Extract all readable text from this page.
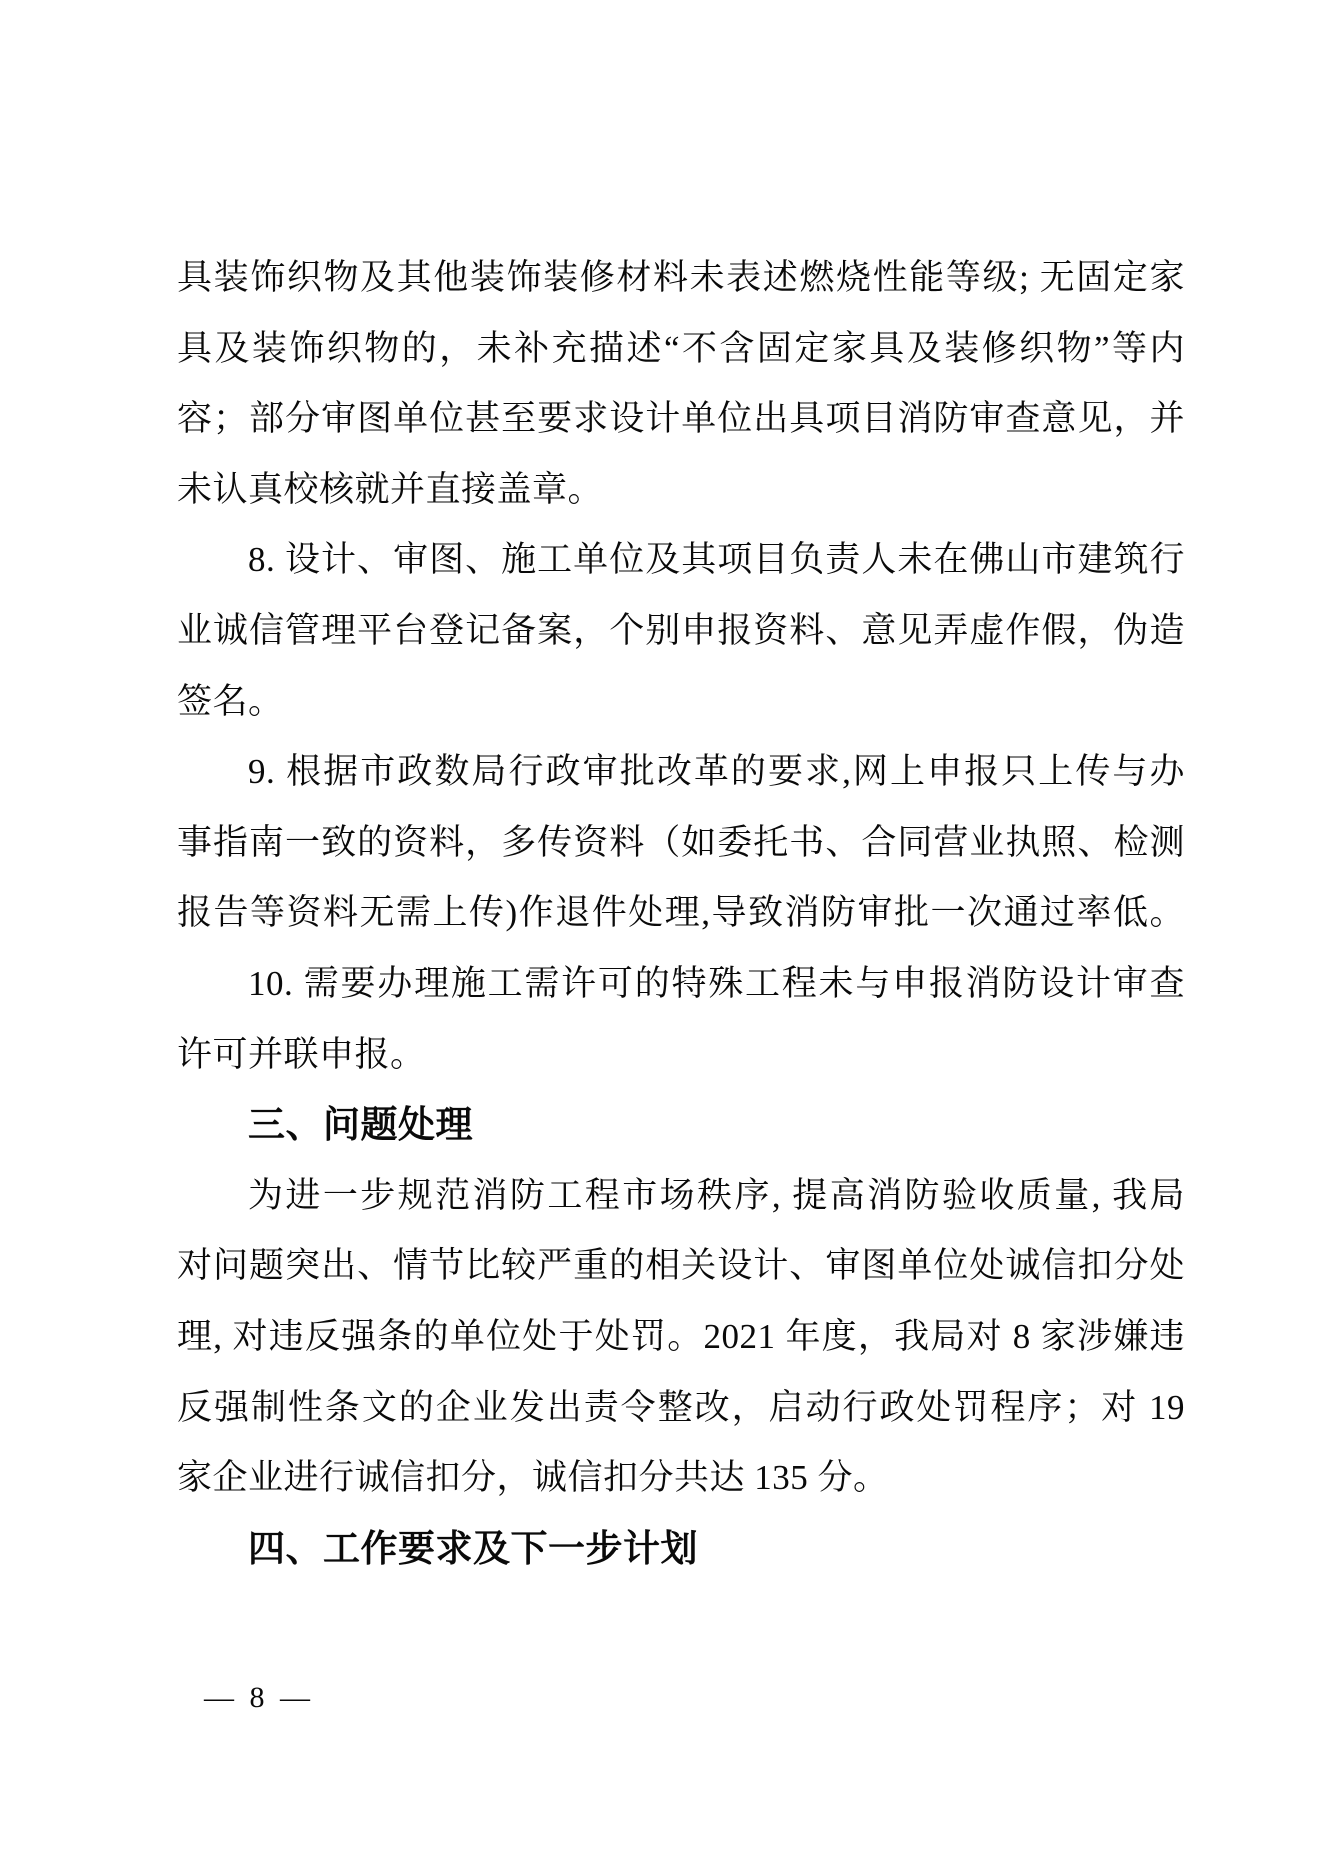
具装饰织物及其他装饰装修材料未表述燃烧性能等级; 无固定家
具及装饰织物的，未补充描述“不含固定家具及装修织物”等内
容；部分审图单位甚至要求设计单位出具项目消防审查意见，并
未认真校核就并直接盖章。
8. 设计、审图、施工单位及其项目负责人未在佛山市建筑行
业诚信管理平台登记备案，个别申报资料、意见弄虚作假，伪造
签名。
9. 根据市政数局行政审批改革的要求,网上申报只上传与办
事指南一致的资料，多传资料（如委托书、合同营业执照、检测
报告等资料无需上传)作退件处理,导致消防审批一次通过率低。
10. 需要办理施工需许可的特殊工程未与申报消防设计审查
许可并联申报。
三、问题处理
为进一步规范消防工程市场秩序, 提高消防验收质量, 我局
对问题突出、情节比较严重的相关设计、审图单位处诚信扣分处
理, 对违反强条的单位处于处罚。2021 年度，我局对 8 家涉嫌违
反强制性条文的企业发出责令整改，启动行政处罚程序；对 19
家企业进行诚信扣分，诚信扣分共达 135 分。
四、工作要求及下一步计划
— 8 —
